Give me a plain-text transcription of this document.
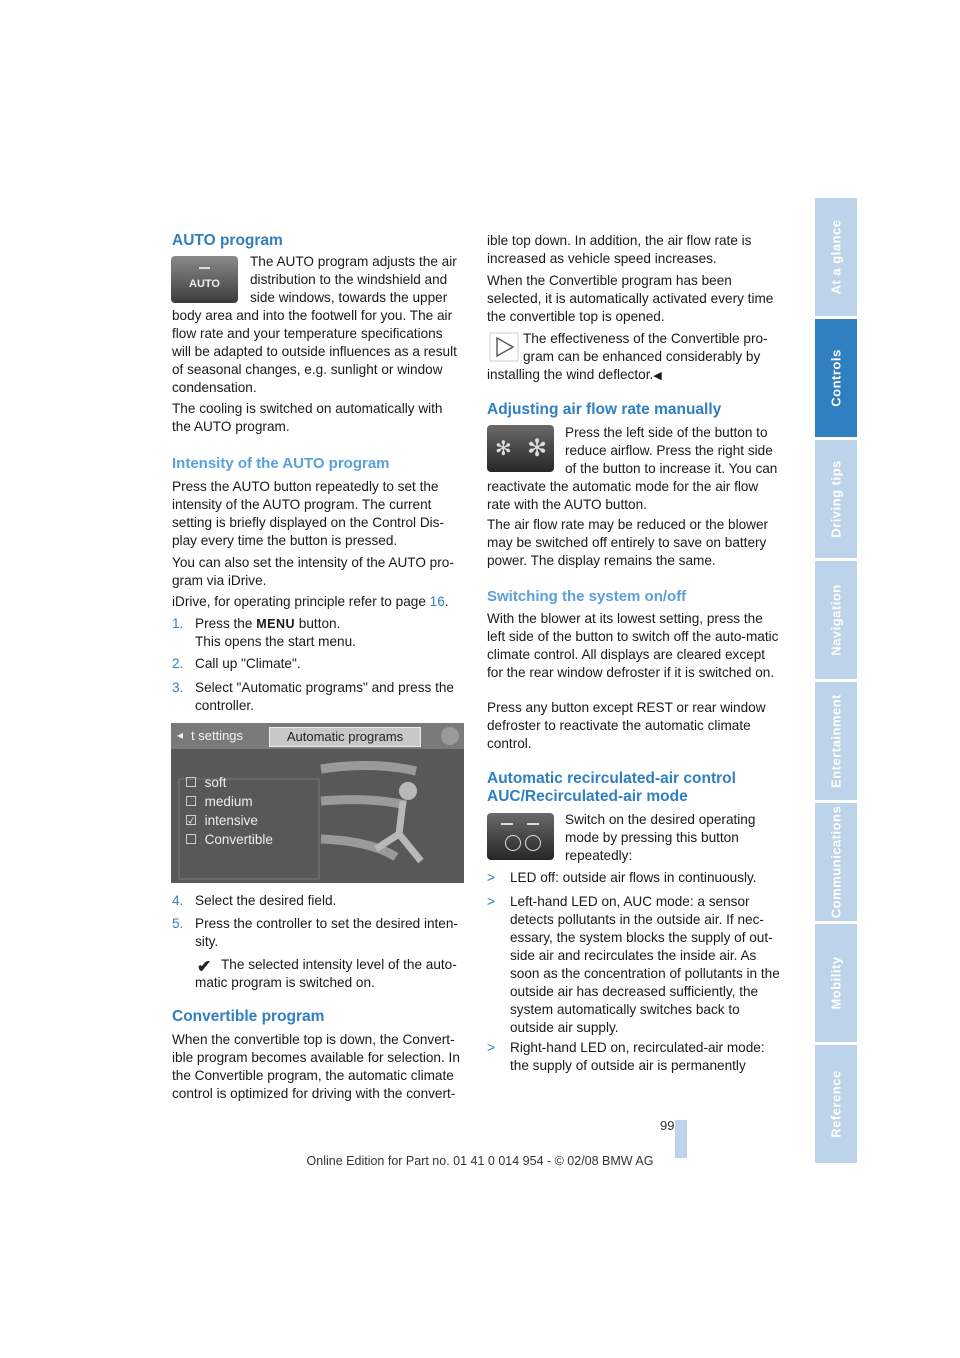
At a glance
Controls
Driving tips
Navigation
Entertainment
Communications
Mobility
Reference
AUTO program
AUTO

The AUTO program adjusts the air

distribution to the windshield and

side windows, towards the upper

body area and into the footwell for you. The air flow rate and your temperature specifications will be adapted to outside influences as a result of seasonal changes, e.g. sunlight or window condensation.

The cooling is switched on automatically with the AUTO program.

Intensity of the AUTO program

Press the AUTO button repeatedly to set the intensity of the AUTO program. The current setting is briefly displayed on the Control Dis-play every time the button is pressed.

You can also set the intensity of the AUTO pro-gram via iDrive.

iDrive, for operating principle refer to page 16.

1. Press the MENU button.

This opens the start menu.

2. Call up "Climate".

3. Select "Automatic programs" and press the controller.

◂ t settings	Automatic programs
☐ soft
☐ medium
☑ intensive
☐ Convertible

4. Select the desired field.

5. Press the controller to set the desired inten-sity.

✔ The selected intensity level of the auto-

matic program is switched on.

Convertible program

When the convertible top is down, the Convert-ible program becomes available for selection. In the Convertible program, the automatic climate control is optimized for driving with the convert-

ible top down. In addition, the air flow rate is increased as vehicle speed increases.

When the Convertible program has been selected, it is automatically activated every time the convertible top is opened.

The effectiveness of the Convertible pro-

gram can be enhanced considerably by

installing the wind deflector.◀

Adjusting air flow rate manually
✻ ✻

Press the left side of the button to

reduce airflow. Press the right side

of the button to increase it. You can

reactivate the automatic mode for the air flow rate with the AUTO button.

The air flow rate may be reduced or the blower may be switched off entirely to save on battery power. The display remains the same.

Switching the system on/off

With the blower at its lowest setting, press the left side of the button to switch off the auto-matic climate control. All displays are cleared except for the rear window defroster if it is switched on.

Press any button except REST or rear window defroster to reactivate the automatic climate control.

Automatic recirculated-air control
AUC/Recirculated-air mode

Switch on the desired operating

mode by pressing this button

repeatedly:

> LED off: outside air flows in continuously.

> Left-hand LED on, AUC mode: a sensor detects pollutants in the outside air. If nec-essary, the system blocks the supply of out-side air and recirculates the inside air. As soon as the concentration of pollutants in the outside air has decreased sufficiently, the system automatically switches back to outside air supply.

> Right-hand LED on, recirculated-air mode: the supply of outside air is permanently

99
Online Edition for Part no. 01 41 0 014 954 - © 02/08 BMW AG
